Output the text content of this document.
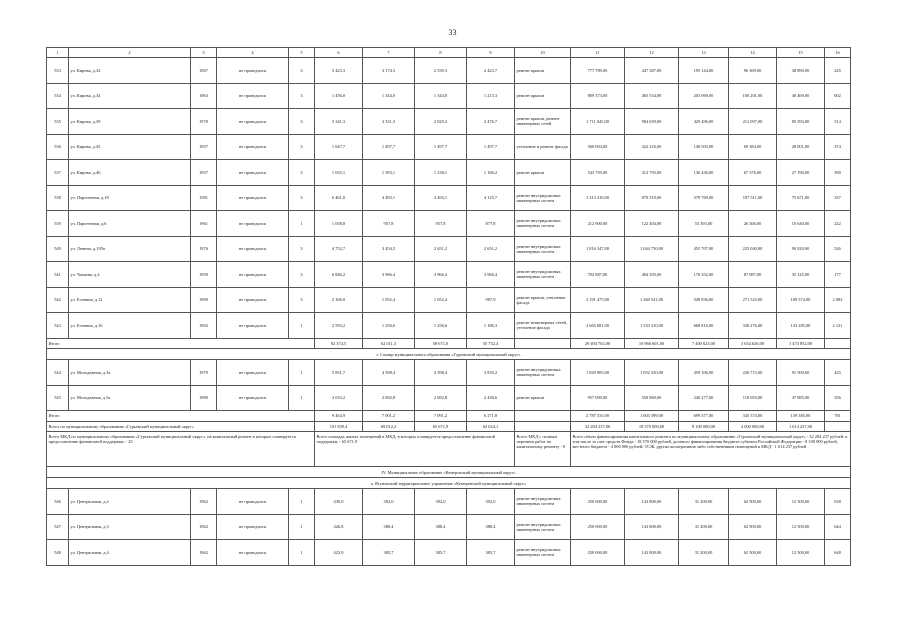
33
1	2	3	4	5	6	7	8	9	10	11	12	13	14	15	16
533	ул. Кирова, д.32	1967	не проводился	3	3 423,3	3 174,3	2 539,3	2 423,7	ремонт крыши	777 789,00	447 387,00	195 144,00	96 369,00	38 890,00	245
534	ул. Кирова, д.34	1963	не проводился	3	1 456,0	1 344,0	1 344,0	1 213,3	ремонт крыши	809 373,00	465 534,00	203 069,00	100 201,00	40 469,00	602
535	ул. Кирова, д.39	1978	не проводился	3	3 341,3	3 331,3	2 029,3	2 476,7	ремонт крыши, ремонт инженерных сетей	1 711 045,00	984 659,00	429 496,00	212 097,00	85 593,00	514
536	ул. Кирова, д.45	1957	не проводился	3	1 647,7	1 497,7	1 497,7	1 497,7	утепление и ремонт фасада	560 004,00	322 216,00	140 503,00	69 384,00	28 001,00	374
537	ул. Кирова, д.46	1957	не проводился	3	1 635,1	1 393,1	1 238,1	1 186,2	ремонт крыши	543 795,00	312 793,00	136 436,00	67 376,00	27 190,00	390
538	ул. Парогенная, д.18	1981	не проводился	3	6 461,0	4 493,1	4 493,1	4 125,7	ремонт внутридомовых инженерных систем	1 313 410,00	870 519,00	379 769,00	187 511,00	75 671,00	337
539	ул. Парогенная, д.6	1961	не проводился	1	1 058,8	957,8	957,8	877,8	ремонт внутридомовых инженерных систем	212 900,00	122 404,00	53 393,00	26 366,00	10 640,00	222
540	ул. Ленина, д.195а	1976	не проводился	3	4 752,7	3 454,5	2 651,2	2 651,2	ремонт внутридомовых инженерных систем	1 816 347,00	1 044 750,00	455 707,00	225 040,00	90 820,00	526
541	ул. Чапаева, д.4	1959	не проводился	3	6 846,2	3 966,4	3 966,4	3 966,4	ремонт внутридомовых инженерных систем	702 887,00	404 303,00	176 352,00	87 087,00	35 145,00	177
542	ул. Есенина, д.12	1990	не проводился	3	2 166,0	1 052,4	1 052,4	987,9	ремонт крыши, утепление фасада	2 191 475,00	1 260 541,00	549 836,00	271 523,00	109 574,00	2 082
543	ул. Есенина, д.16	1992	не проводился	1	2 593,2	1 256,6	1 256,6	1 186,3	ремонт инженерных сетей, утепление фасада	2 665 681,00	1 533 310,00	668 816,00	330 276,00	133 285,00	2 121
Итого					92 374,5	62 011,3	58 671,0	55 752,4		29 494 702,00	16 966 601,00	7 400 623,00	3 654 626,00	1 474 852,00	
г. Салаир муниципального образования «Гурьевский муниципальный округ»															
544	ул. Молодежная, д.3а	1979	не проводился	1	5 831,7	4 398,4	4 398,4	3 835,2	ремонт внутридомовых инженерных систем	1 829 805,00	1 052 530,00	459 106,00	226 715,00	91 500,00	425
545	ул. Молодежная, д.5а	1980	не проводился	1	3 633,2	2 692,8	2 692,8	2 436,6	ремонт крыши	957 690,00	550 869,00	240 277,00	118 659,00	47 885,00	356
Итого					9 464,9	7 001,2	7 091,2	6 271,8		2 787 535,00	1 603 399,00	699 377,00	345 374,00	139 385,00	781
Всего по муниципальному образованию «Гурьевский муниципальный округ»					101 839,4	69 012,2	65 671,9	62 024,1		32 284 237,00	18 570 000,00	8 100 000,00	4 000 000,00	1 614 237,00	
Всего МКД по муниципальному образованию «Гурьевский муниципальный округ», на капитальный ремонт в которых планируется предоставление финансовой поддержки, - 25					Всего площадь жилых помещений в МКД, в которых планируется предоставление финансовой поддержки, - 65 671,9				Всего МКД с полным перечнем работ по капитальному ремонту - 0	Всего объем финансирования капитального ремонта по муниципальному образованию «Гурьевский муниципальный округ» - 32 284 237 рублей, в том числе за счет средств Фонда - 18 570 000 рублей, долевого финансирования бюджета субъекта Российской Федерации - 8 100 000 рублей, местного бюджета - 4 000 000 рублей; ТСЖ, других кооперативов либо собственников помещений в МКД - 1 614 237 рублей					
IV. Муниципальное образование «Кемеровский муниципальный округ»															
а. Ягуновский территориальное управление «Кемеровский муниципальный округ»															
546	ул. Центральная, д.2	1962	не проводился	1	430,0	392,0	392,0	392,0	ремонт внутридомовых инженерных систем	250 000,00	143 800,00	31 200,00	62 500,00	12 500,00	638
547	ул. Центральная, д.3	1962	не проводился	1	426,8	388,4	388,4	388,4	ремонт внутридомовых инженерных систем	250 000,00	143 800,00	31 200,00	62 500,00	12 500,00	644
548	ул. Центральная, д.4	1962	не проводился	1	423,9	385,7	385,7	385,7	ремонт внутридомовых инженерных систем	250 000,00	143 800,00	31 200,00	62 500,00	12 500,00	648
